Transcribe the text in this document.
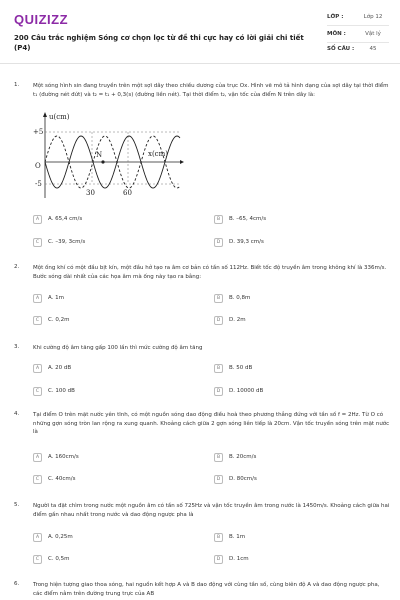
QUIZIZZ
200 Câu trắc nghiệm Sóng cơ chọn lọc từ đề thi cực hay có lời giải chi tiết (P4)
LỚP :	Lớp 12
MÔN :	Vật lý
SỐ CÂU :	45
1.	Một sóng hình sin đang truyền trên một sợi dây theo chiều dương của trục Ox. Hình vẽ mô tả hình dạng của sợi dây tại thời điểm t₁ (đường nét đứt) và t₂ = t₁ + 0,3(s) (đường liền nét). Tại thời điểm t₂, vận tốc của điểm N trên dây là:
u(cm)
x(cm)
+5
-5
O
N
30	60
A	A. 65,4 cm/s	B	B. –65, 4cm/s
C	C. –39, 3cm/s	D	D. 39,3 cm/s
2.	Một ống khí có một đầu bịt kín, một đầu hở tạo ra âm cơ bản có tần số 112Hz. Biết tốc độ truyền âm trong không khí là 336m/s. Bước sóng dài nhất của các họa âm mà ống này tạo ra bằng:
A	A. 1m	B	B. 0,8m
C	C. 0,2m	D	D. 2m
3.	Khi cường độ âm tăng gấp 100 lần thì mức cường độ âm tăng
A	A. 20 dB	B	B. 50 dB
C	C. 100 dB	D	D. 10000 dB
4.	Tại điểm O trên mặt nước yên tĩnh, có một nguồn sóng dao động điều hoà theo phương thẳng đứng với tần số f = 2Hz. Từ O có những gợn sóng tròn lan rộng ra xung quanh. Khoảng cách giữa 2 gợn sóng liên tiếp là 20cm. Vận tốc truyền sóng trên mặt nước là
A	A. 160cm/s	B	B. 20cm/s
C	C. 40cm/s	D	D. 80cm/s
5.	Người ta đặt chìm trong nước một nguồn âm có tần số 725Hz và vận tốc truyền âm trong nước là 1450m/s. Khoảng cách giữa hai điểm gần nhau nhất trong nước và dao động ngược pha là
A	A. 0,25m	B	B. 1m
C	C. 0,5m	D	D. 1cm
6.	Trong hiện tượng giao thoa sóng, hai nguồn kết hợp A và B dao động với cùng tần số, cùng biên độ A và dao động ngược pha, các điểm nằm trên đường trung trực của AB
